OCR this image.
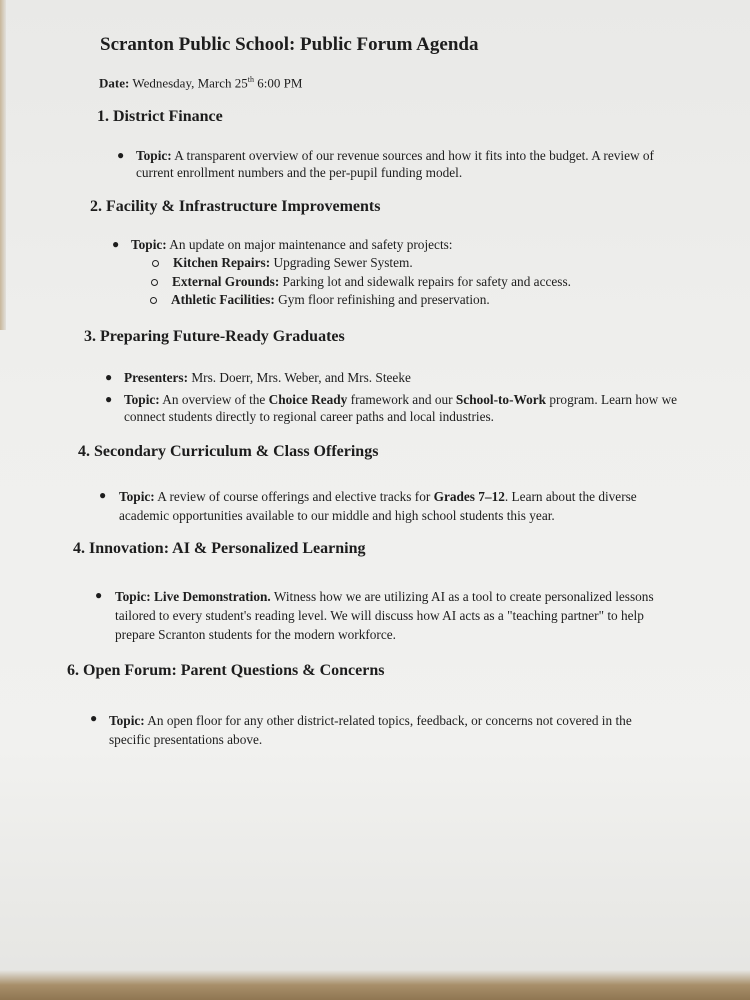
Scranton Public School: Public Forum Agenda
Date: Wednesday, March 25th 6:00 PM
1. District Finance
● Topic: A transparent overview of our revenue sources and how it fits into the budget. A review of
current enrollment numbers and the per-pupil funding model.
2. Facility & Infrastructure Improvements
● Topic: An update on major maintenance and safety projects:
Kitchen Repairs: Upgrading Sewer System.
External Grounds: Parking lot and sidewalk repairs for safety and access.
Athletic Facilities: Gym floor refinishing and preservation.
3. Preparing Future-Ready Graduates
● Presenters: Mrs. Doerr, Mrs. Weber, and Mrs. Steeke
● Topic: An overview of the Choice Ready framework and our School-to-Work program. Learn how we
connect students directly to regional career paths and local industries.
4. Secondary Curriculum & Class Offerings
● Topic: A review of course offerings and elective tracks for Grades 7–12. Learn about the diverse
academic opportunities available to our middle and high school students this year.
4. Innovation: AI & Personalized Learning
● Topic: Live Demonstration. Witness how we are utilizing AI as a tool to create personalized lessons
tailored to every student's reading level. We will discuss how AI acts as a "teaching partner" to help
prepare Scranton students for the modern workforce.
6. Open Forum: Parent Questions & Concerns
● Topic: An open floor for any other district-related topics, feedback, or concerns not covered in the
specific presentations above.
